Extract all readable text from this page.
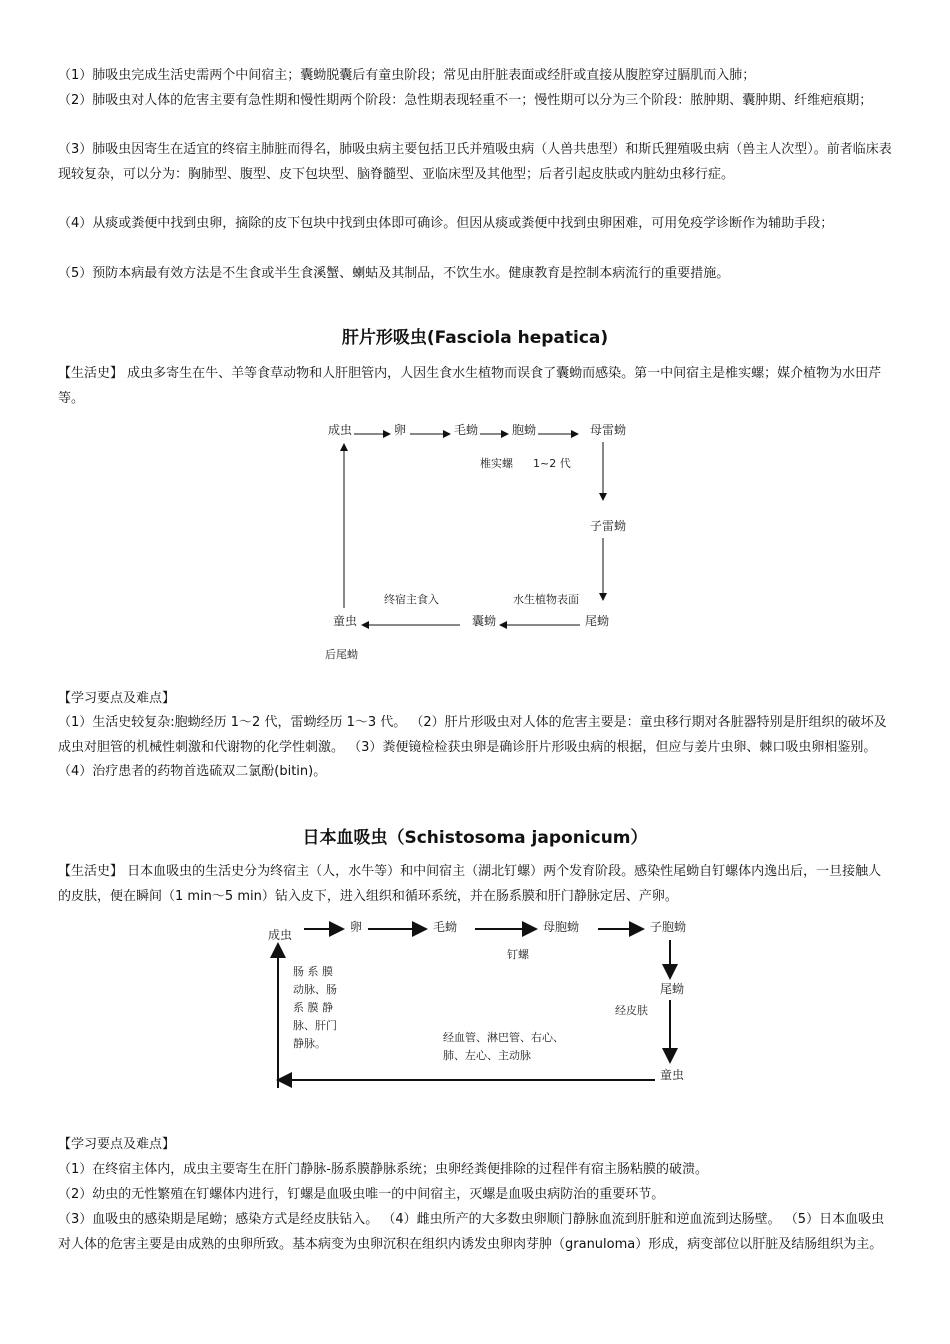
（1）肺吸虫完成生活史需两个中间宿主；囊蚴脱囊后有童虫阶段；常见由肝脏表面或经肝或直接从腹腔穿过膈肌而入肺；
（2）肺吸虫对人体的危害主要有急性期和慢性期两个阶段：急性期表现轻重不一；慢性期可以分为三个阶段：脓肿期、囊肿期、纤维疤痕期；
（3）肺吸虫因寄生在适宜的终宿主肺脏而得名，肺吸虫病主要包括卫氏并殖吸虫病（人兽共患型）和斯氏狸殖吸虫病（兽主人次型）。前者临床表现较复杂，可以分为：胸肺型、腹型、皮下包块型、脑脊髓型、亚临床型及其他型；后者引起皮肤或内脏幼虫移行症。
（4）从痰或粪便中找到虫卵，摘除的皮下包块中找到虫体即可确诊。但因从痰或粪便中找到虫卵困难，可用免疫学诊断作为辅助手段；
（5）预防本病最有效方法是不生食或半生食溪蟹、蝲蛄及其制品，不饮生水。健康教育是控制本病流行的重要措施。
肝片形吸虫(Fasciola hepatica)
【生活史】 成虫多寄生在牛、羊等食草动物和人肝胆管内，人因生食水生植物而误食了囊蚴而感染。第一中间宿主是椎实螺；媒介植物为水田芹等。
成虫	卵	毛蚴	胞蚴	母雷蚴
椎实螺 1~2 代
子雷蚴
尾蚴
水生植物表面
囊蚴
终宿主食入
童虫
后尾蚴
【学习要点及难点】
（1）生活史较复杂:胞蚴经历 1～2 代，雷蚴经历 1～3 代。 （2）肝片形吸虫对人体的危害主要是：童虫移行期对各脏器特别是肝组织的破坏及成虫对胆管的机械性刺激和代谢物的化学性刺激。 （3）粪便镜检检获虫卵是确诊肝片形吸虫病的根据，但应与姜片虫卵、棘口吸虫卵相鉴别。 （4）治疗患者的药物首选硫双二氯酚(bitin)。
日本血吸虫（Schistosoma japonicum）
【生活史】 日本血吸虫的生活史分为终宿主（人，水牛等）和中间宿主（湖北钉螺）两个发育阶段。感染性尾蚴自钉螺体内逸出后，一旦接触人的皮肤，便在瞬间（1 min～5 min）钻入皮下，进入组织和循环系统，并在肠系膜和肝门静脉定居、产卵。
成虫
卵	毛蚴	母胞蚴	子胞蚴
钉螺
尾蚴
经皮肤
童虫
经血管、淋巴管、右心、
肺、左心、主动脉
肠 系 膜
动脉、肠
系 膜 静
脉、肝门
静脉。
【学习要点及难点】
（1）在终宿主体内，成虫主要寄生在肝门静脉-肠系膜静脉系统；虫卵经粪便排除的过程伴有宿主肠粘膜的破溃。
（2）幼虫的无性繁殖在钉螺体内进行，钉螺是血吸虫唯一的中间宿主，灭螺是血吸虫病防治的重要环节。
（3）血吸虫的感染期是尾蚴；感染方式是经皮肤钻入。 （4）雌虫所产的大多数虫卵顺门静脉血流到肝脏和逆血流到达肠壁。 （5）日本血吸虫对人体的危害主要是由成熟的虫卵所致。基本病变为虫卵沉积在组织内诱发虫卵肉芽肿（granuloma）形成，病变部位以肝脏及结肠组织为主。
